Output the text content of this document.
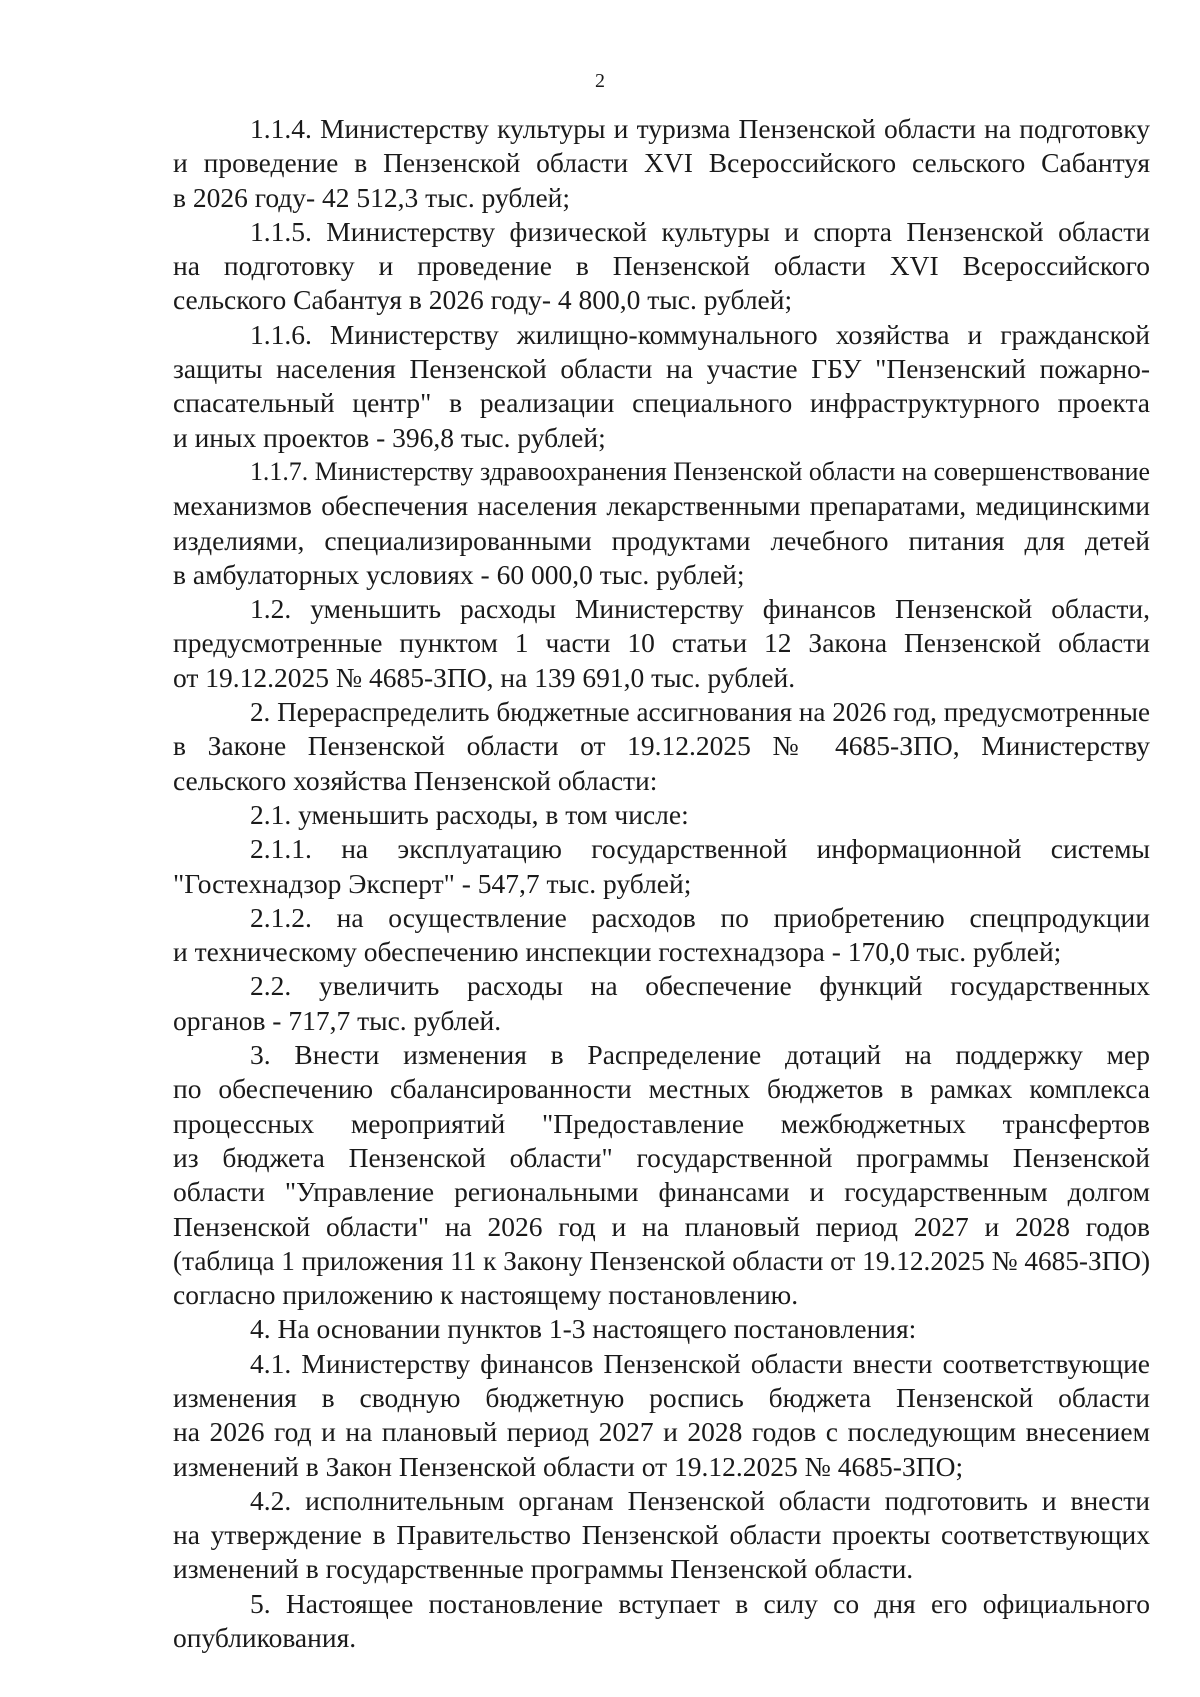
2
1.1.4. Министерству культуры и туризма Пензенской области на подготовку
и проведение в Пензенской области XVI Всероссийского сельского Сабантуя
в 2026 году- 42 512,3 тыс. рублей;
1.1.5. Министерству физической культуры и спорта Пензенской области
на подготовку и проведение в Пензенской области XVI Всероссийского
сельского Сабантуя в 2026 году- 4 800,0 тыс. рублей;
1.1.6. Министерству жилищно-коммунального хозяйства и гражданской
защиты населения Пензенской области на участие ГБУ "Пензенский пожарно-
спасательный центр" в реализации специального инфраструктурного проекта
и иных проектов - 396,8 тыс. рублей;
1.1.7. Министерству здравоохранения Пензенской области на совершенствование
механизмов обеспечения населения лекарственными препаратами, медицинскими
изделиями, специализированными продуктами лечебного питания для детей
в амбулаторных условиях - 60 000,0 тыс. рублей;
1.2. уменьшить расходы Министерству финансов Пензенской области,
предусмотренные пунктом 1 части 10 статьи 12 Закона Пензенской области
от 19.12.2025 № 4685-ЗПО, на 139 691,0 тыс. рублей.
2. Перераспределить бюджетные ассигнования на 2026 год, предусмотренные
в Законе Пензенской области от 19.12.2025 № 4685-ЗПО, Министерству
сельского хозяйства Пензенской области:
2.1. уменьшить расходы, в том числе:
2.1.1. на эксплуатацию государственной информационной системы
"Гостехнадзор Эксперт" - 547,7 тыс. рублей;
2.1.2. на осуществление расходов по приобретению спецпродукции
и техническому обеспечению инспекции гостехнадзора - 170,0 тыс. рублей;
2.2. увеличить расходы на обеспечение функций государственных
органов - 717,7 тыс. рублей.
3. Внести изменения в Распределение дотаций на поддержку мер
по обеспечению сбалансированности местных бюджетов в рамках комплекса
процессных мероприятий "Предоставление межбюджетных трансфертов
из бюджета Пензенской области" государственной программы Пензенской
области "Управление региональными финансами и государственным долгом
Пензенской области" на 2026 год и на плановый период 2027 и 2028 годов
(таблица 1 приложения 11 к Закону Пензенской области от 19.12.2025 № 4685-ЗПО)
согласно приложению к настоящему постановлению.
4. На основании пунктов 1-3 настоящего постановления:
4.1. Министерству финансов Пензенской области внести соответствующие
изменения в сводную бюджетную роспись бюджета Пензенской области
на 2026 год и на плановый период 2027 и 2028 годов с последующим внесением
изменений в Закон Пензенской области от 19.12.2025 № 4685-ЗПО;
4.2. исполнительным органам Пензенской области подготовить и внести
на утверждение в Правительство Пензенской области проекты соответствующих
изменений в государственные программы Пензенской области.
5. Настоящее постановление вступает в силу со дня его официального
опубликования.
